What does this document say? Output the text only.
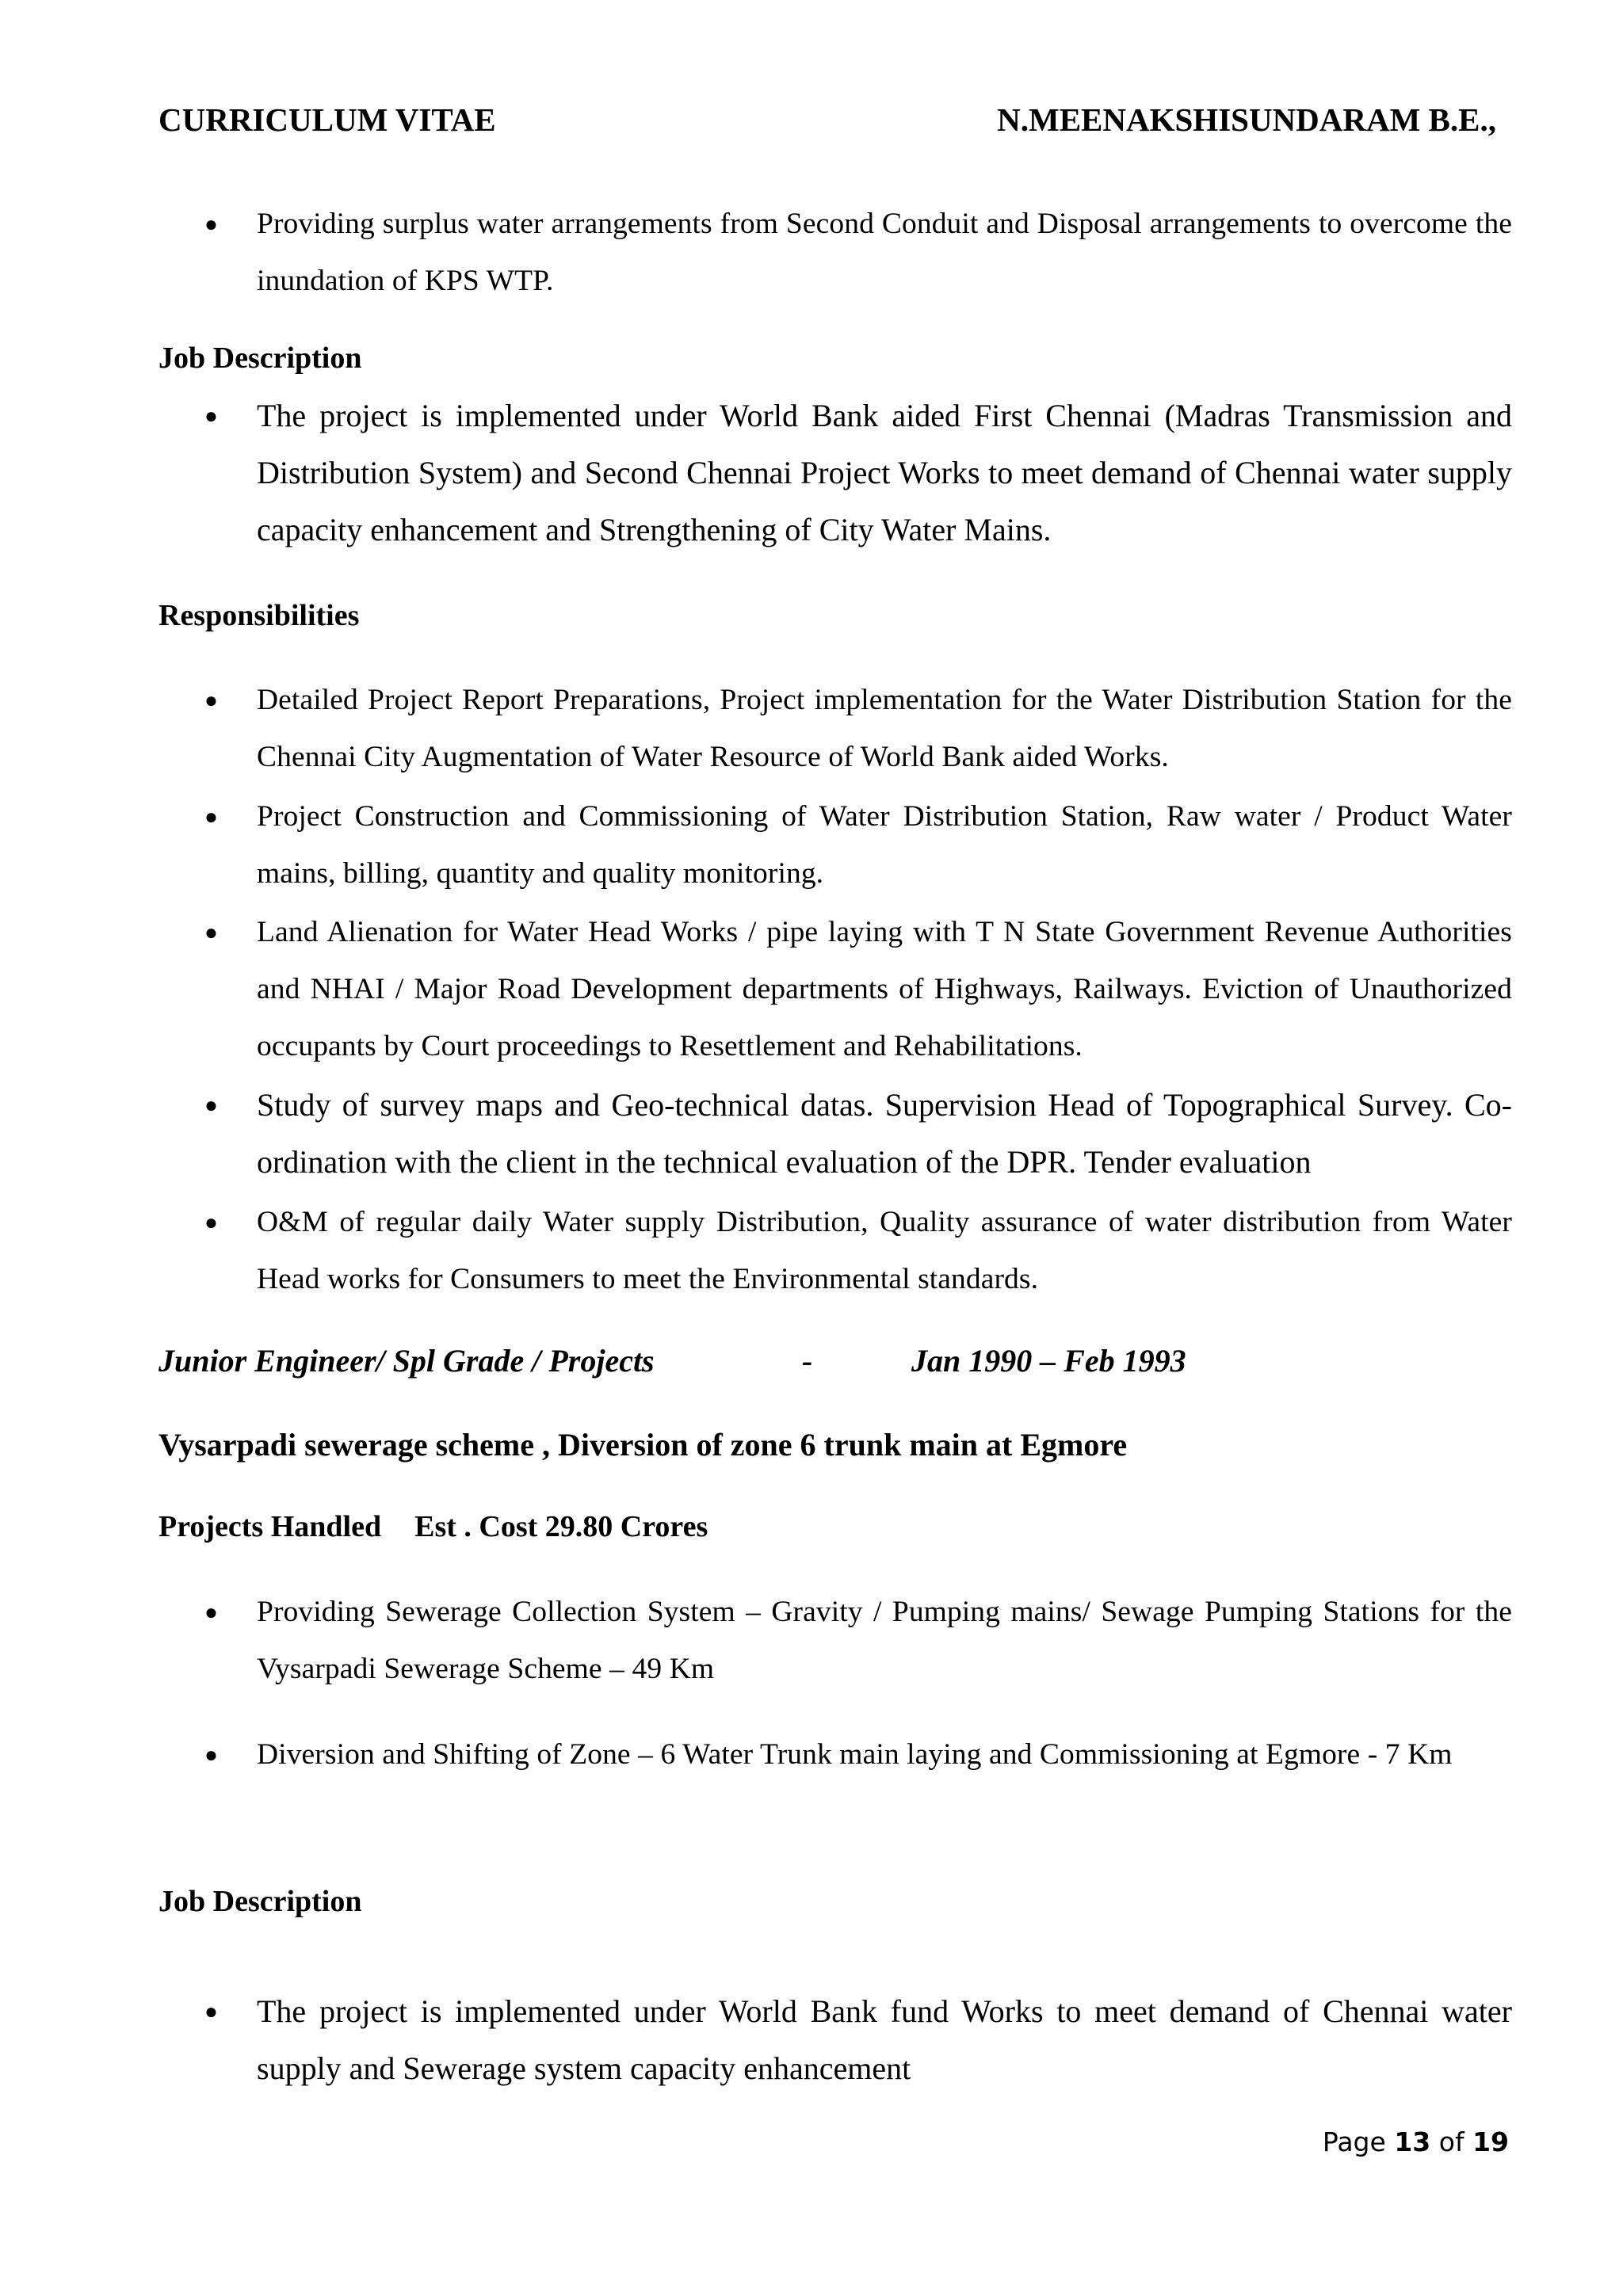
CURRICULUM VITAE	N.MEENAKSHISUNDARAM B.E.,
● Providing surplus water arrangements from Second Conduit and Disposal arrangements to overcome the inundation of KPS WTP.
Job Description
● The project is implemented under World Bank aided First Chennai (Madras Transmission and Distribution System) and Second Chennai Project Works to meet demand of Chennai water supply capacity enhancement and Strengthening of City Water Mains.
Responsibilities
● Detailed Project Report Preparations, Project implementation for the Water Distribution Station for the Chennai City Augmentation of Water Resource of World Bank aided Works.
● Project Construction and Commissioning of Water Distribution Station, Raw water / Product Water mains, billing, quantity and quality monitoring.
● Land Alienation for Water Head Works / pipe laying with T N State Government Revenue Authorities and NHAI / Major Road Development departments of Highways, Railways. Eviction of Unauthorized occupants by Court proceedings to Resettlement and Rehabilitations.
● Study of survey maps and Geo-technical datas. Supervision Head of Topographical Survey. Co-ordination with the client in the technical evaluation of the DPR. Tender evaluation
● O&M of regular daily Water supply Distribution, Quality assurance of water distribution from Water Head works for Consumers to meet the Environmental standards.
Junior Engineer/ Spl Grade / Projects	-	Jan 1990 – Feb 1993
Vysarpadi sewerage scheme , Diversion of zone 6 trunk main at Egmore
Projects Handled Est . Cost 29.80 Crores
● Providing Sewerage Collection System – Gravity / Pumping mains/ Sewage Pumping Stations for the Vysarpadi Sewerage Scheme – 49 Km
● Diversion and Shifting of Zone – 6 Water Trunk main laying and Commissioning at Egmore - 7 Km
Job Description
● The project is implemented under World Bank fund Works to meet demand of Chennai water supply and Sewerage system capacity enhancement
Page 13 of 19
